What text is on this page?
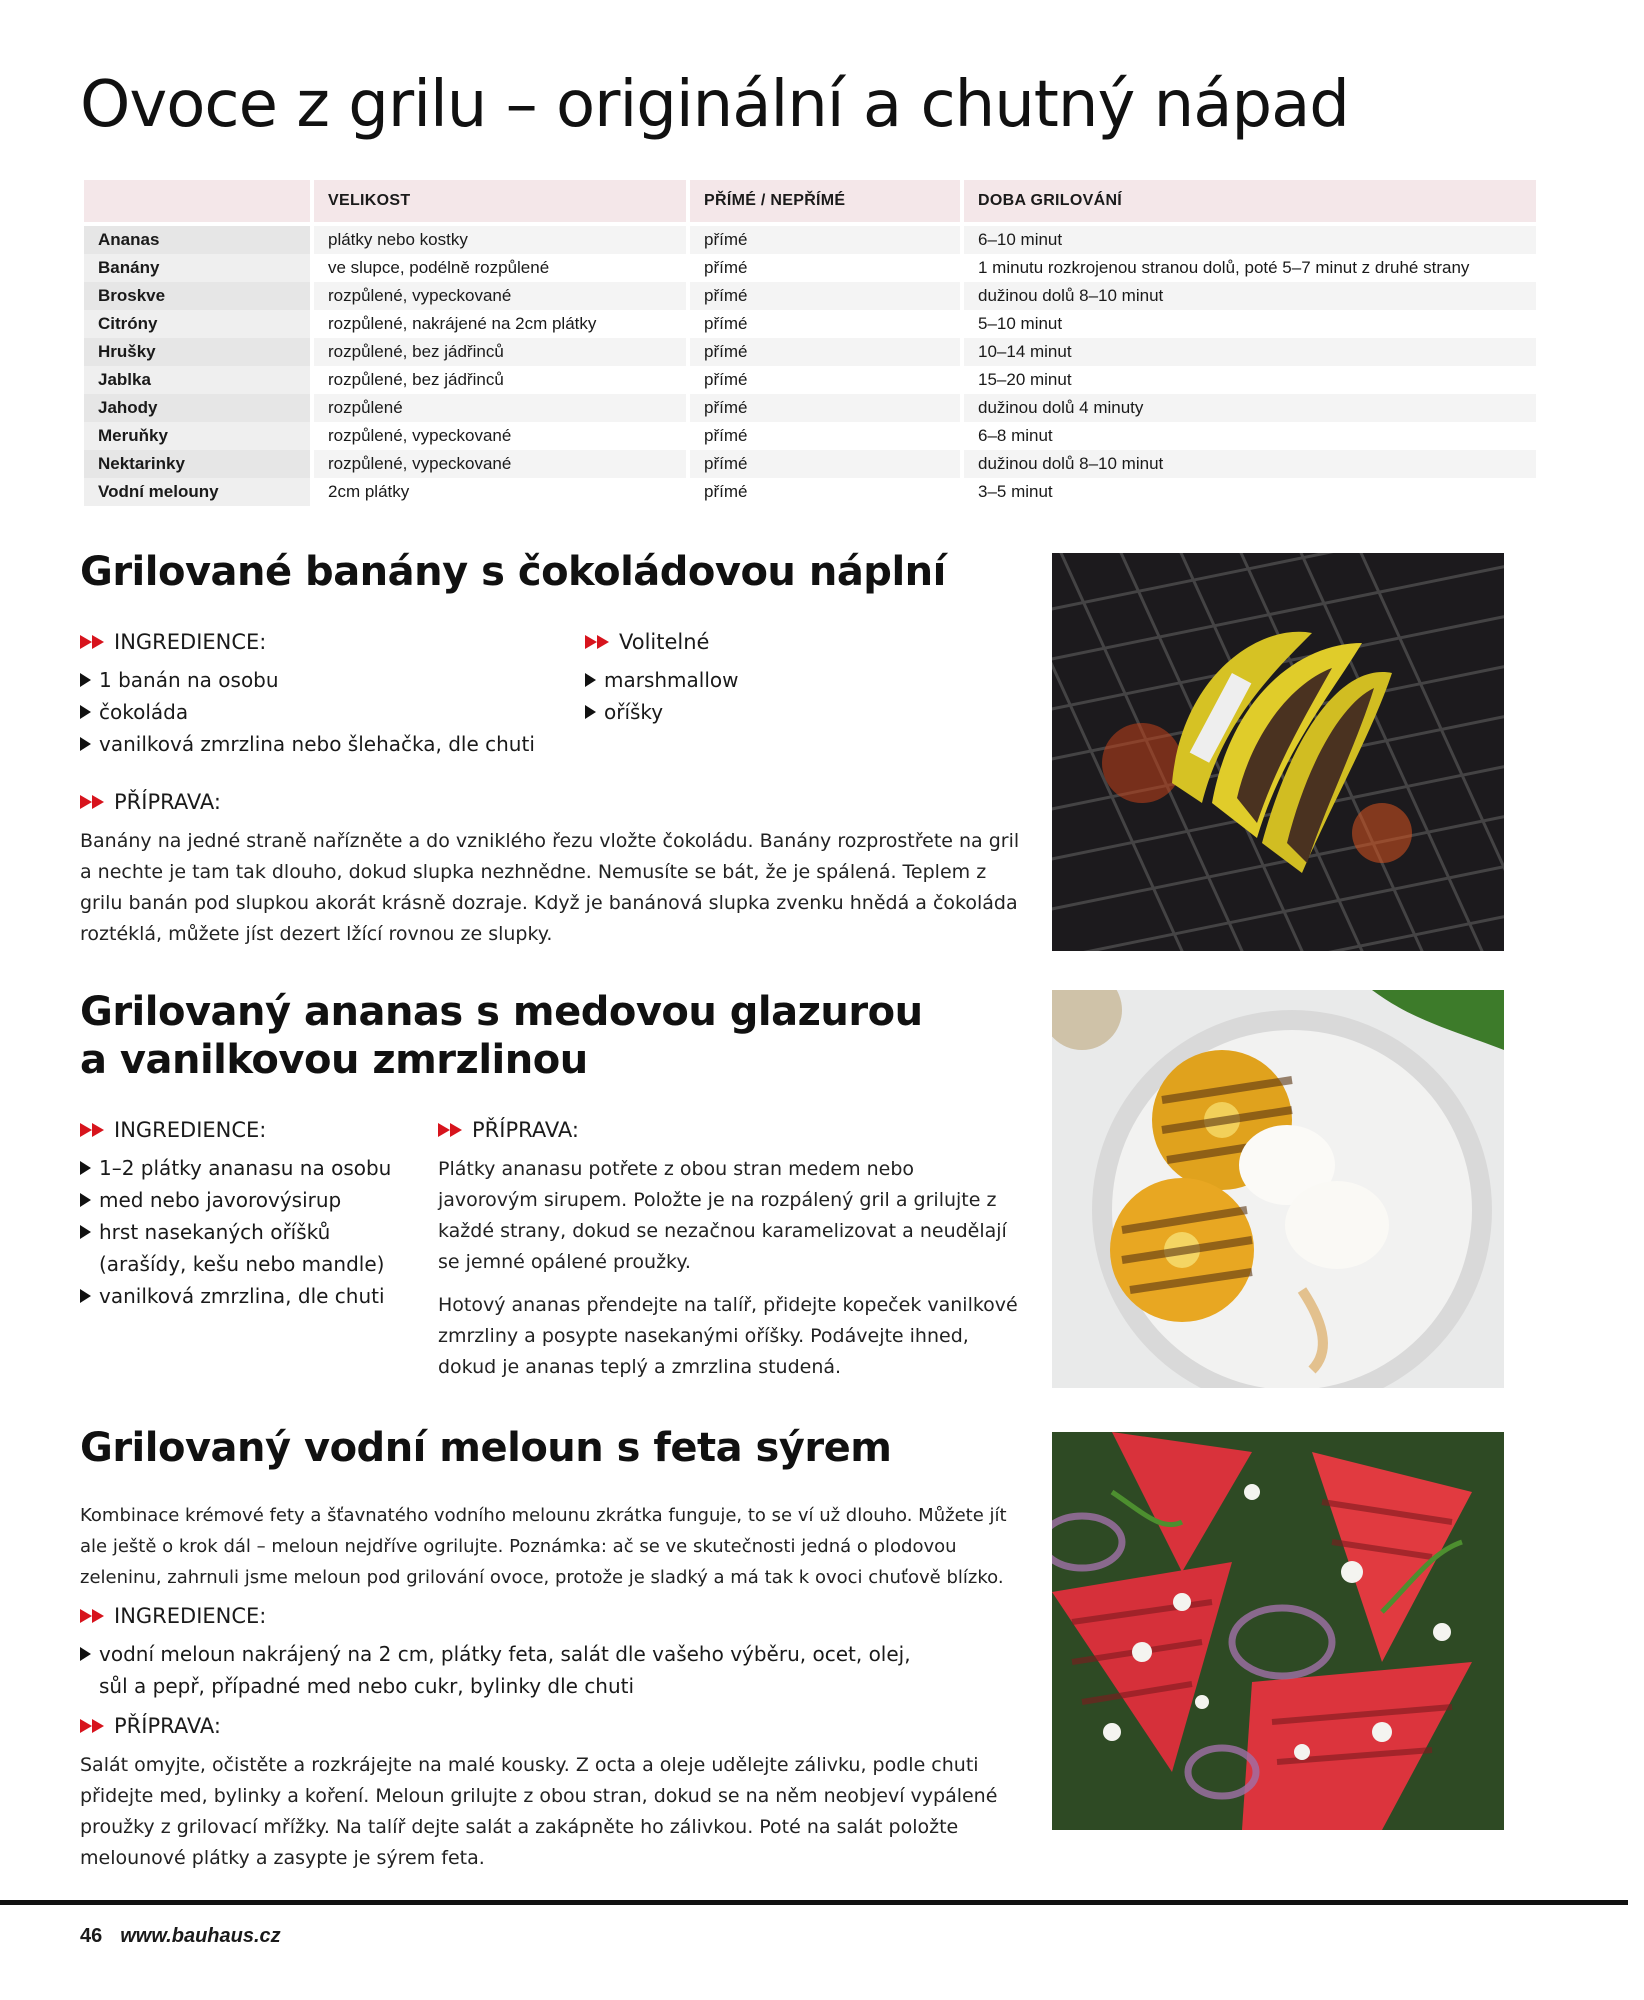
Ovoce z grilu – originální a chutný nápad
	VELIKOST	PŘÍMÉ / NEPŘÍMÉ	DOBA GRILOVÁNÍ
Ananas	plátky nebo kostky	přímé	6–10 minut
Banány	ve slupce, podélně rozpůlené	přímé	1 minutu rozkrojenou stranou dolů, poté 5–7 minut z druhé strany
Broskve	rozpůlené, vypeckované	přímé	dužinou dolů 8–10 minut
Citróny	rozpůlené, nakrájené na 2cm plátky	přímé	5–10 minut
Hrušky	rozpůlené, bez jádřinců	přímé	10–14 minut
Jablka	rozpůlené, bez jádřinců	přímé	15–20 minut
Jahody	rozpůlené	přímé	dužinou dolů 4 minuty
Meruňky	rozpůlené, vypeckované	přímé	6–8 minut
Nektarinky	rozpůlené, vypeckované	přímé	dužinou dolů 8–10 minut
Vodní melouny	2cm plátky	přímé	3–5 minut
Grilované banány s čokoládovou náplní
INGREDIENCE:
1 banán na osobu
čokoláda
vanilková zmrzlina nebo šlehačka, dle chuti
Volitelné
marshmallow
oříšky
PŘÍPRAVA:

Banány na jedné straně nařízněte a do vzniklého řezu vložte čokoládu. Banány rozprostřete na gril a nechte je tam tak dlouho, dokud slupka nezhnědne. Nemusíte se bát, že je spálená. Teplem z grilu banán pod slupkou akorát krásně dozraje. Když je banánová slupka zvenku hnědá a čokoláda roztéklá, můžete jíst dezert lžící rovnou ze slupky.

Grilovaný ananas s medovou glazurou
a vanilkovou zmrzlinou
INGREDIENCE:
1–2 plátky ananasu na osobu
med nebo javorovýsirup
hrst nasekaných oříšků (arašídy, kešu nebo mandle)
vanilková zmrzlina, dle chuti
PŘÍPRAVA:

Plátky ananasu potřete z obou stran medem nebo javorovým sirupem. Položte je na rozpálený gril a grilujte z každé strany, dokud se nezačnou karamelizovat a neudělají se jemné opálené proužky.

Hotový ananas přendejte na talíř, přidejte kopeček vanilkové zmrzliny a posypte nasekanými oříšky. Podávejte ihned, dokud je ananas teplý a zmrzlina studená.

Grilovaný vodní meloun s feta sýrem

Kombinace krémové fety a šťavnatého vodního melounu zkrátka funguje, to se ví už dlouho. Můžete jít ale ještě o krok dál – meloun nejdříve ogrilujte. Poznámka: ač se ve skutečnosti jedná o plodovou zeleninu, zahrnuli jsme meloun pod grilování ovoce, protože je sladký a má tak k ovoci chuťově blízko.

INGREDIENCE:
vodní meloun nakrájený na 2 cm, plátky feta, salát dle vašeho výběru, ocet, olej, sůl a pepř, případné med nebo cukr, bylinky dle chuti
PŘÍPRAVA:

Salát omyjte, očistěte a rozkrájejte na malé kousky. Z octa a oleje udělejte zálivku, podle chuti přidejte med, bylinky a koření. Meloun grilujte z obou stran, dokud se na něm neobjeví vypálené proužky z grilovací mřížky. Na talíř dejte salát a zakápněte ho zálivkou. Poté na salát položte melounové plátky a zasypte je sýrem feta.

46 www.bauhaus.cz
